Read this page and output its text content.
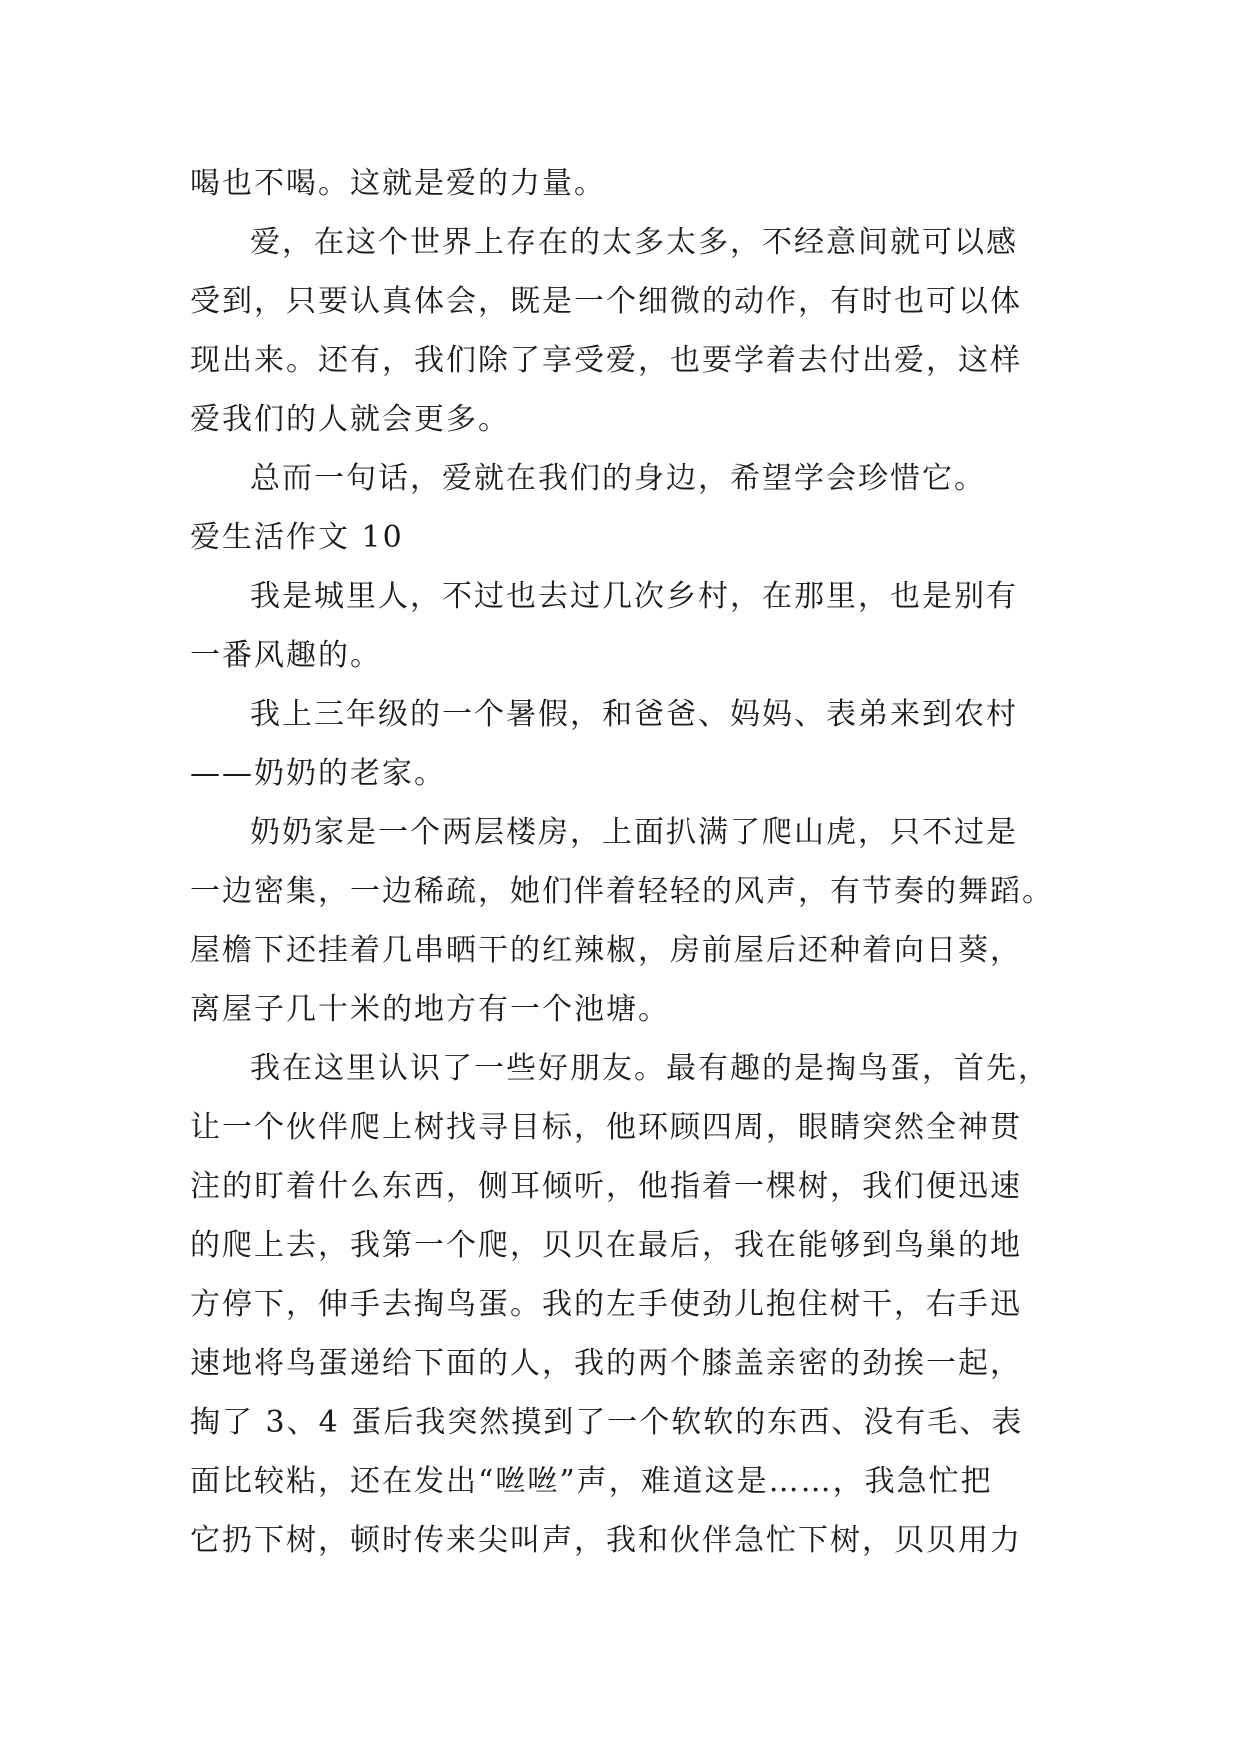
喝也不喝。这就是爱的力量。
爱，在这个世界上存在的太多太多，不经意间就可以感
受到，只要认真体会，既是一个细微的动作，有时也可以体
现出来。还有，我们除了享受爱，也要学着去付出爱，这样
爱我们的人就会更多。
总而一句话，爱就在我们的身边，希望学会珍惜它。
爱生活作文 10
我是城里人，不过也去过几次乡村，在那里，也是别有
一番风趣的。
我上三年级的一个暑假，和爸爸、妈妈、表弟来到农村
——奶奶的老家。
奶奶家是一个两层楼房，上面扒满了爬山虎，只不过是
一边密集，一边稀疏，她们伴着轻轻的风声，有节奏的舞蹈。
屋檐下还挂着几串晒干的红辣椒，房前屋后还种着向日葵，
离屋子几十米的地方有一个池塘。
我在这里认识了一些好朋友。最有趣的是掏鸟蛋，首先，
让一个伙伴爬上树找寻目标，他环顾四周，眼睛突然全神贯
注的盯着什么东西，侧耳倾听，他指着一棵树，我们便迅速
的爬上去，我第一个爬，贝贝在最后，我在能够到鸟巢的地
方停下，伸手去掏鸟蛋。我的左手使劲儿抱住树干，右手迅
速地将鸟蛋递给下面的人，我的两个膝盖亲密的劲挨一起，
掏了 3、4 蛋后我突然摸到了一个软软的东西、没有毛、表
面比较粘，还在发出“咝咝”声，难道这是……，我急忙把
它扔下树，顿时传来尖叫声，我和伙伴急忙下树，贝贝用力
